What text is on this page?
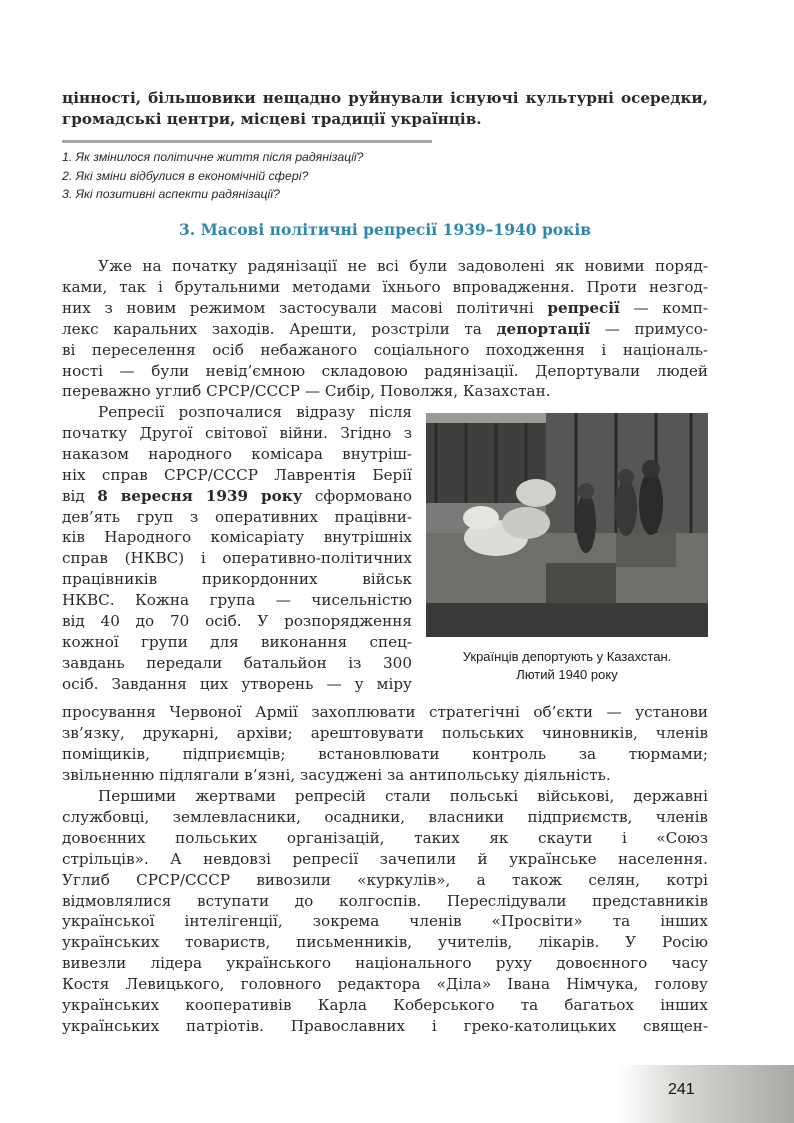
цінності, більшовики нещадно руйнували існуючі культурні осередки,

громадські центри, місцеві традиції українців.

1. Як змінилося політичне життя після радянізації?
2. Які зміни відбулися в економічній сфері?
3. Які позитивні аспекти радянізації?
3. Масові політичні репресії 1939–1940 років

Уже на початку радянізації не всі були задоволені як новими поряд-

ками, так і брутальними методами їхнього впровадження. Проти незгод-

них з новим режимом застосували масові політичні репресії — комп-

лекс каральних заходів. Арешти, розстріли та депортації — примусо-

ві переселення осіб небажаного соціального походження і національ-

ності — були невід’ємною складовою радянізації. Депортували людей

переважно углиб СРСР/СССР — Сибір, Поволжя, Казахстан.

Репресії розпочалися відразу після

початку Другої світової війни. Згідно з

наказом народного комісара внутріш-

ніх справ СРСР/СССР Лаврентія Берії

від 8 вересня 1939 року сформовано

дев’ять груп з оперативних працівни-

ків Народного комісаріату внутрішніх

справ (НКВС) і оперативно-політичних

працівників прикордонних військ

НКВС. Кожна група — чисельністю

від 40 до 70 осіб. У розпорядження

кожної групи для виконання спец-

завдань передали батальйон із 300

осіб. Завдання цих утворень — у міру

Українців депортують у Казахстан.
Лютий 1940 року

просування Червоної Армії захоплювати стратегічні об’єкти — установи

зв’язку, друкарні, архіви; арештовувати польських чиновників, членів

поміщиків, підприємців; встановлювати контроль за тюрмами;

звільненню підлягали в’язні, засуджені за антипольську діяльність.

Першими жертвами репресій стали польські військові, державні

службовці, землевласники, осадники, власники підприємств, членів

довоєнних польських організацій, таких як скаути і «Союз

стрільців». А невдовзі репресії зачепили й українське населення.

Углиб СРСР/СССР вивозили «куркулів», а також селян, котрі

відмовлялися вступати до колгоспів. Переслідували представників

української інтелігенції, зокрема членів «Просвіти» та інших

українських товариств, письменників, учителів, лікарів. У Росію

вивезли лідера українського національного руху довоєнного часу

Костя Левицького, головного редактора «Діла» Івана Німчука, голову

українських кооперативів Карла Коберського та багатьох інших

українських патріотів. Православних і греко-католицьких священ-

241
